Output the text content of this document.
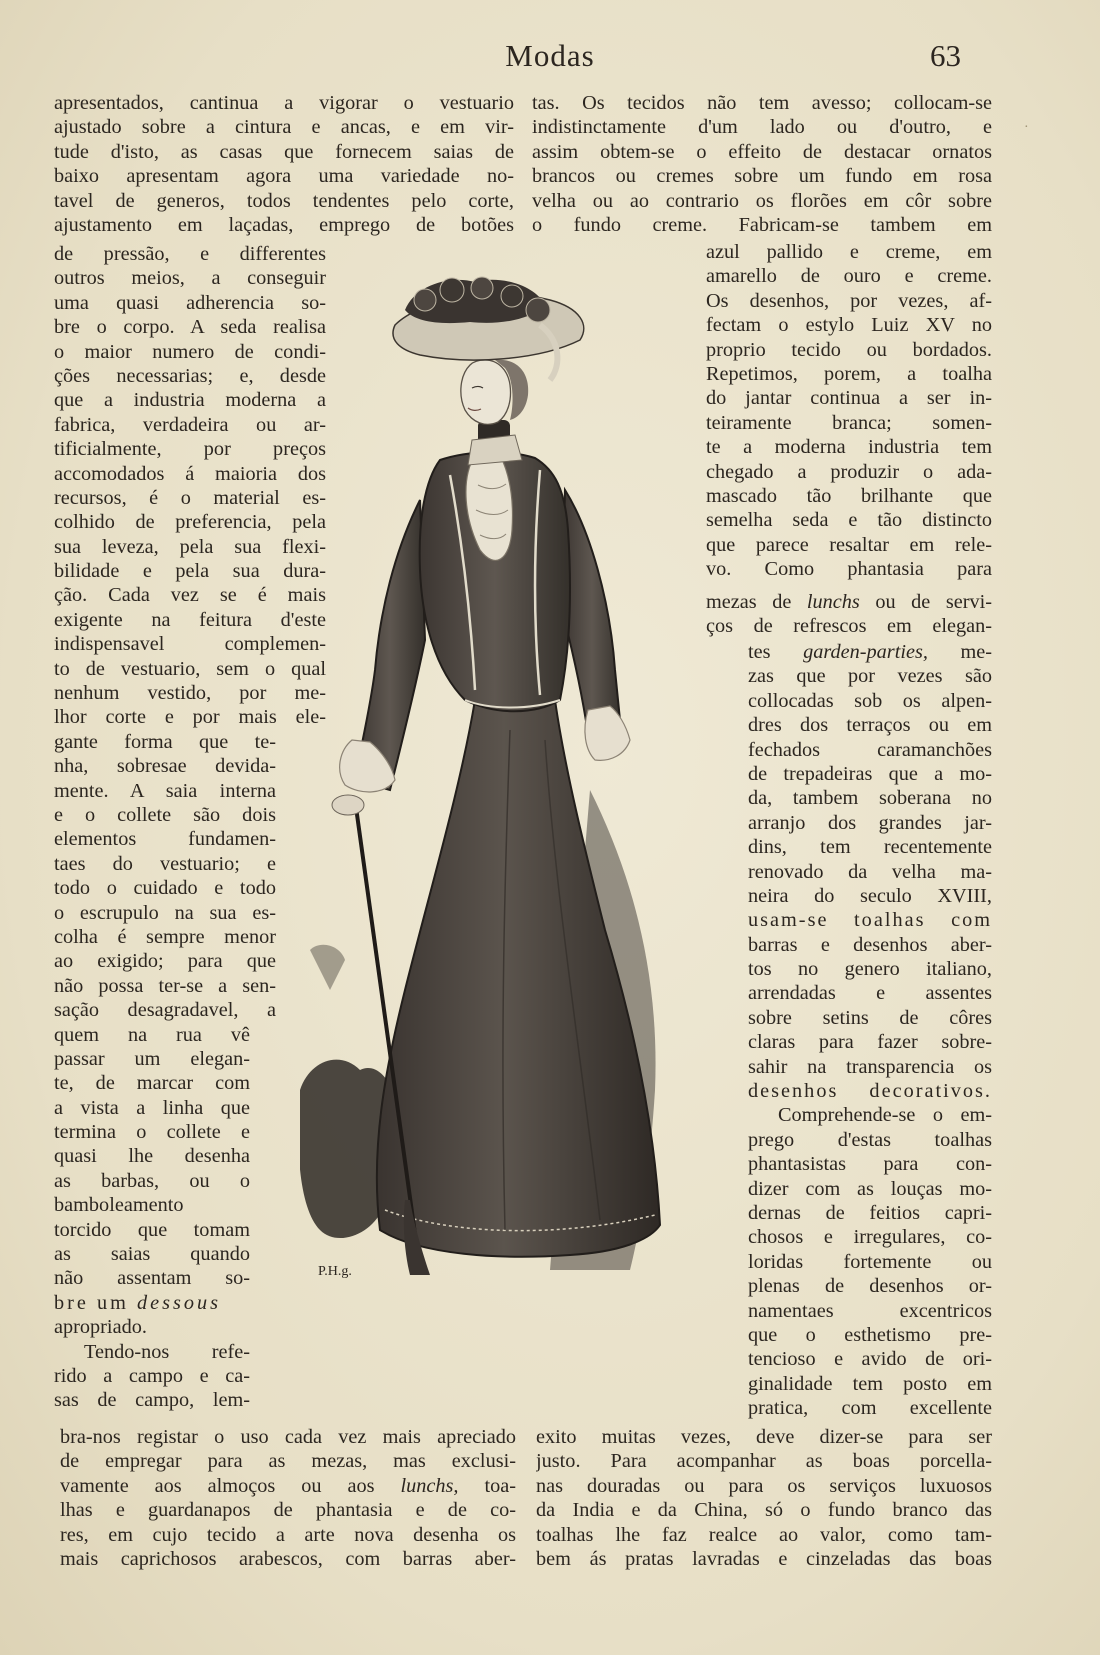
Modas	63
apresentados, cantinua a vigorar o vestuario
ajustado sobre a cintura e ancas, e em vir-
tude d'isto, as casas que fornecem saias de
baixo apresentam agora uma variedade no-
tavel de generos, todos tendentes pelo corte,
ajustamento em laçadas, emprego de botões
de pressão, e differentes
outros meios, a conseguir
uma quasi adherencia so-
bre o corpo. A seda realisa
o maior numero de condi-
ções necessarias; e, desde
que a industria moderna a
fabrica, verdadeira ou ar-
tificialmente, por preços
accomodados á maioria dos
recursos, é o material es-
colhido de preferencia, pela
sua leveza, pela sua flexi-
bilidade e pela sua dura-
ção. Cada vez se é mais
exigente na feitura d'este
indispensavel complemen-
to de vestuario, sem o qual
nenhum vestido, por me-
lhor corte e por mais ele-
gante forma que te-
nha, sobresae devida-
mente. A saia interna
e o collete são dois
elementos fundamen-
taes do vestuario; e
todo o cuidado e todo
o escrupulo na sua es-
colha é sempre menor
ao exigido; para que
não possa ter-se a sen-
sação desagradavel, a
quem na rua vê
passar um elegan-
te, de marcar com
a vista a linha que
termina o collete e
quasi lhe desenha
as barbas, ou o
bamboleamento
torcido que tomam
as saias quando
não assentam so-
bre um dessous
apropriado.
Tendo-nos refe-
rido a campo e ca-
sas de campo, lem-
bra-nos registar o uso cada vez mais apreciado
de empregar para as mezas, mas exclusi-
vamente aos almoços ou aos lunchs, toa-
lhas e guardanapos de phantasia e de co-
res, em cujo tecido a arte nova desenha os
mais caprichosos arabescos, com barras aber-
tas. Os tecidos não tem avesso; collocam-se
indistinctamente d'um lado ou d'outro, e
assim obtem-se o effeito de destacar ornatos
brancos ou cremes sobre um fundo em rosa
velha ou ao contrario os florões em côr sobre
o fundo creme. Fabricam-se tambem em
azul pallido e creme, em
amarello de ouro e creme.
Os desenhos, por vezes, af-
fectam o estylo Luiz XV no
proprio tecido ou bordados.
Repetimos, porem, a toalha
do jantar continua a ser in-
teiramente branca; somen-
te a moderna industria tem
chegado a produzir o ada-
mascado tão brilhante que
semelha seda e tão distincto
que parece resaltar em rele-
vo. Como phantasia para
mezas de lunchs ou de servi-
ços de refrescos em elegan-
tes garden-parties, me-
zas que por vezes são
collocadas sob os alpen-
dres dos terraços ou em
fechados caramanchões
de trepadeiras que a mo-
da, tambem soberana no
arranjo dos grandes jar-
dins, tem recentemente
renovado da velha ma-
neira do seculo XVIII,
usam-se toalhas com
barras e desenhos aber-
tos no genero italiano,
arrendadas e assentes
sobre setins de côres
claras para fazer sobre-
sahir na transparencia os
desenhos decorativos.
Comprehende-se o em-
prego d'estas toalhas
phantasistas para con-
dizer com as louças mo-
dernas de feitios capri-
chosos e irregulares, co-
loridas fortemente ou
plenas de desenhos or-
namentaes excentricos
que o esthetismo pre-
tencioso e avido de ori-
ginalidade tem posto em
pratica, com excellente
exito muitas vezes, deve dizer-se para ser
justo. Para acompanhar as boas porcella-
nas douradas ou para os serviços luxuosos
da India e da China, só o fundo branco das
toalhas lhe faz realce ao valor, como tam-
bem ás pratas lavradas e cinzeladas das boas
P.H.g.
·
